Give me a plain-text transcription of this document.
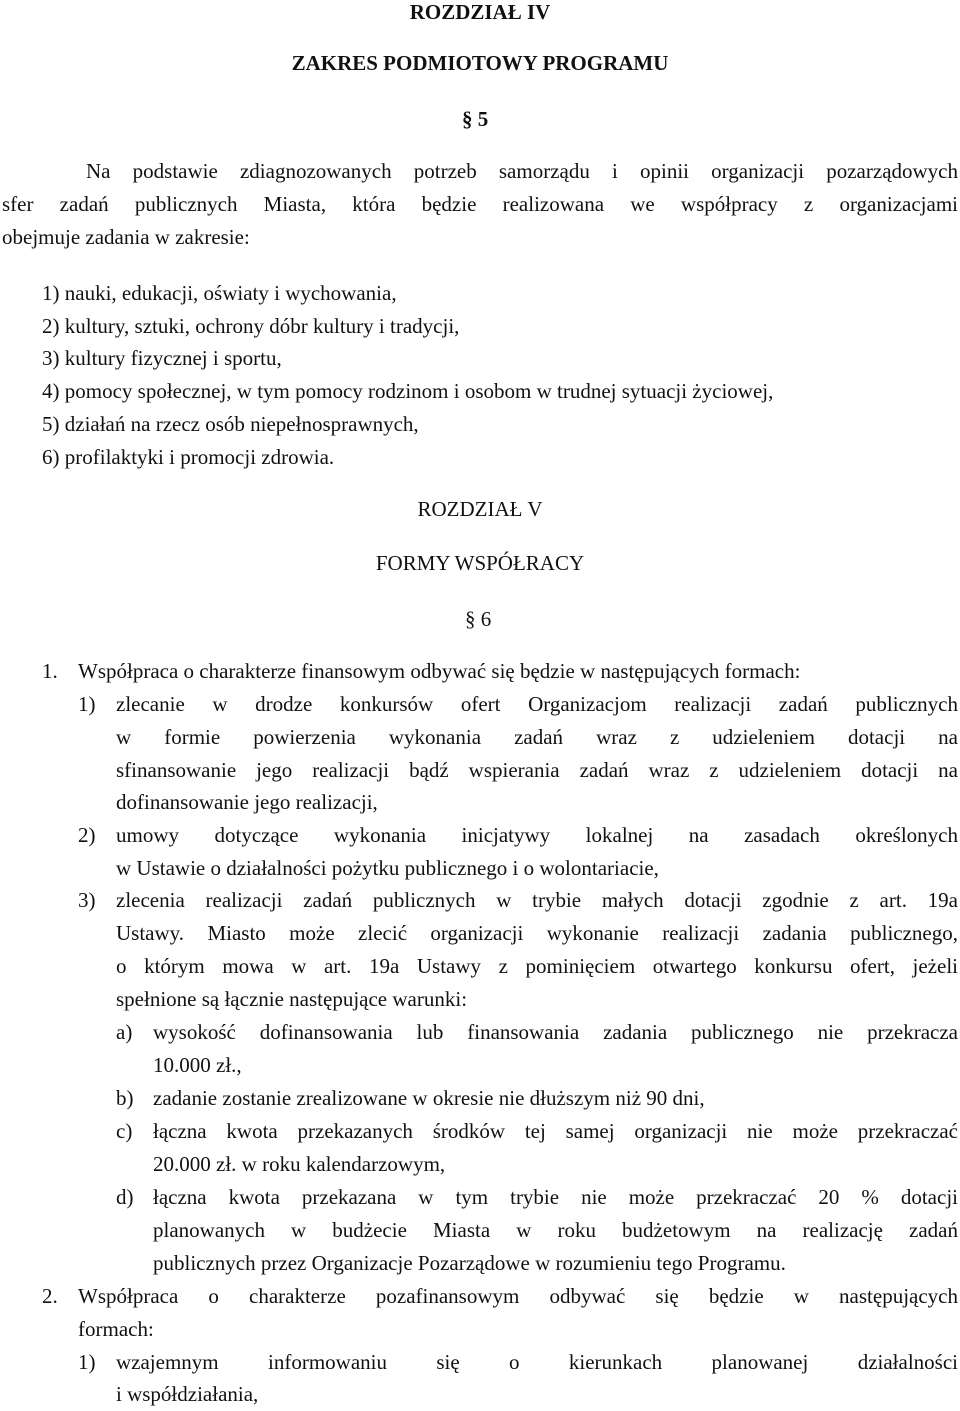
ROZDZIAŁ IV
ZAKRES PODMIOTOWY PROGRAMU
§ 5
Na podstawie zdiagnozowanych potrzeb samorządu i opinii organizacji pozarządowych
sfer zadań publicznych Miasta, która będzie realizowana we współpracy z organizacjami
obejmuje zadania w zakresie:
1) nauki, edukacji, oświaty i wychowania,
2) kultury, sztuki, ochrony dóbr kultury i tradycji,
3) kultury fizycznej i sportu,
4) pomocy społecznej, w tym pomocy rodzinom i osobom w trudnej sytuacji życiowej,
5) działań na rzecz osób niepełnosprawnych,
6) profilaktyki i promocji zdrowia.
ROZDZIAŁ V
FORMY WSPÓŁRACY
§ 6
1. Współpraca o charakterze finansowym odbywać się będzie w następujących formach:
1) zlecanie w drodze konkursów ofert Organizacjom realizacji zadań publicznych
w formie powierzenia wykonania zadań wraz z udzieleniem dotacji na
sfinansowanie jego realizacji bądź wspierania zadań wraz z udzieleniem dotacji na
dofinansowanie jego realizacji,
2) umowy dotyczące wykonania inicjatywy lokalnej na zasadach określonych
w Ustawie o działalności pożytku publicznego i o wolontariacie,
3) zlecenia realizacji zadań publicznych w trybie małych dotacji zgodnie z art. 19a
Ustawy. Miasto może zlecić organizacji wykonanie realizacji zadania publicznego,
o którym mowa w art. 19a Ustawy z pominięciem otwartego konkursu ofert, jeżeli
spełnione są łącznie następujące warunki:
a) wysokość dofinansowania lub finansowania zadania publicznego nie przekracza
10.000 zł.,
b) zadanie zostanie zrealizowane w okresie nie dłuższym niż 90 dni,
c) łączna kwota przekazanych środków tej samej organizacji nie może przekraczać
20.000 zł. w roku kalendarzowym,
d) łączna kwota przekazana w tym trybie nie może przekraczać 20 % dotacji
planowanych w budżecie Miasta w roku budżetowym na realizację zadań
publicznych przez Organizacje Pozarządowe w rozumieniu tego Programu.
2. Współpraca o charakterze pozafinansowym odbywać się będzie w następujących
formach:
1) wzajemnym informowaniu się o kierunkach planowanej działalności
i współdziałania,
